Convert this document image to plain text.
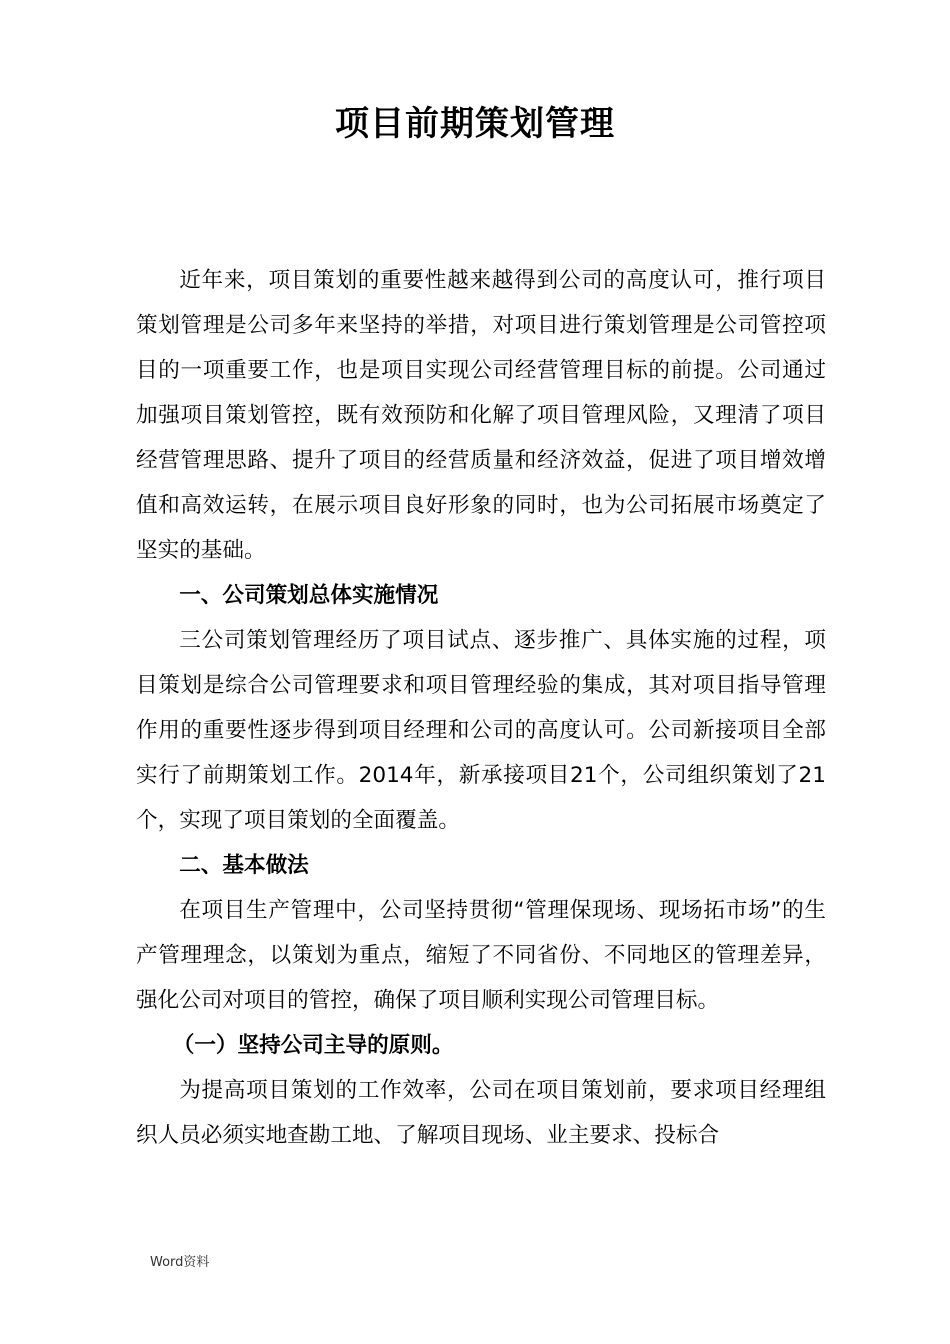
项目前期策划管理

近年来，项目策划的重要性越来越得到公司的高度认可，推行项目策划管理是公司多年来坚持的举措，对项目进行策划管理是公司管控项目的一项重要工作，也是项目实现公司经营管理目标的前提。公司通过加强项目策划管控，既有效预防和化解了项目管理风险，又理清了项目经营管理思路、提升了项目的经营质量和经济效益，促进了项目增效增值和高效运转，在展示项目良好形象的同时，也为公司拓展市场奠定了坚实的基础。

一、公司策划总体实施情况

三公司策划管理经历了项目试点、逐步推广、具体实施的过程，项目策划是综合公司管理要求和项目管理经验的集成，其对项目指导管理作用的重要性逐步得到项目经理和公司的高度认可。公司新接项目全部实行了前期策划工作。2014年，新承接项目21个，公司组织策划了21个，实现了项目策划的全面覆盖。

二、基本做法

在项目生产管理中，公司坚持贯彻“管理保现场、现场拓市场”的生产管理理念，以策划为重点，缩短了不同省份、不同地区的管理差异，强化公司对项目的管控，确保了项目顺利实现公司管理目标。

（一）坚持公司主导的原则。

为提高项目策划的工作效率，公司在项目策划前，要求项目经理组织人员必须实地查勘工地、了解项目现场、业主要求、投标合

Word资料
